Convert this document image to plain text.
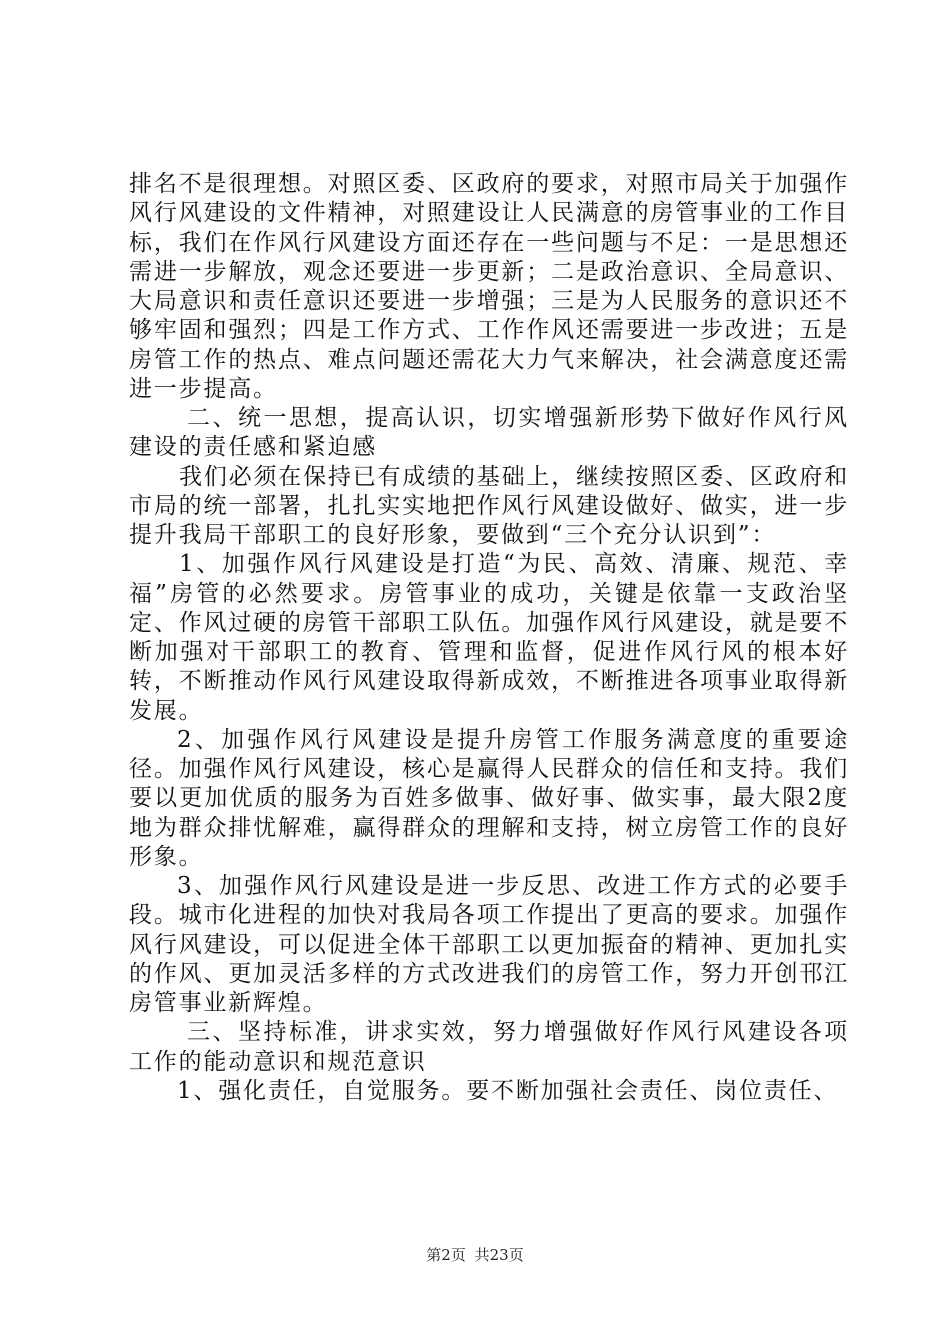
排名不是很理想。对照区委、区政府的要求，对照市局关于加强作风行风建设的文件精神，对照建设让人民满意的房管事业的工作目标，我们在作风行风建设方面还存在一些问题与不足：一是思想还需进一步解放，观念还要进一步更新；二是政治意识、全局意识、大局意识和责任意识还要进一步增强；三是为人民服务的意识还不够牢固和强烈；四是工作方式、工作作风还需要进一步改进；五是房管工作的热点、难点问题还需花大力气来解决，社会满意度还需进一步提高。

二、统一思想，提高认识，切实增强新形势下做好作风行风建设的责任感和紧迫感

我们必须在保持已有成绩的基础上，继续按照区委、区政府和市局的统一部署，扎扎实实地把作风行风建设做好、做实，进一步提升我局干部职工的良好形象，要做到“三个充分认识到”：

1、加强作风行风建设是打造“为民、高效、清廉、规范、幸福”房管的必然要求。房管事业的成功，关键是依靠一支政治坚定、作风过硬的房管干部职工队伍。加强作风行风建设，就是要不断加强对干部职工的教育、管理和监督，促进作风行风的根本好转，不断推动作风行风建设取得新成效，不断推进各项事业取得新发展。

2、加强作风行风建设是提升房管工作服务满意度的重要途径。加强作风行风建设，核心是赢得人民群众的信任和支持。我们要以更加优质的服务为百姓多做事、做好事、做实事，最大限2度地为群众排忧解难，赢得群众的理解和支持，树立房管工作的良好形象。

3、加强作风行风建设是进一步反思、改进工作方式的必要手段。城市化进程的加快对我局各项工作提出了更高的要求。加强作风行风建设，可以促进全体干部职工以更加振奋的精神、更加扎实的作风、更加灵活多样的方式改进我们的房管工作，努力开创邗江房管事业新辉煌。

三、坚持标准，讲求实效，努力增强做好作风行风建设各项工作的能动意识和规范意识

1、强化责任，自觉服务。要不断加强社会责任、岗位责任、

第2页 共23页
